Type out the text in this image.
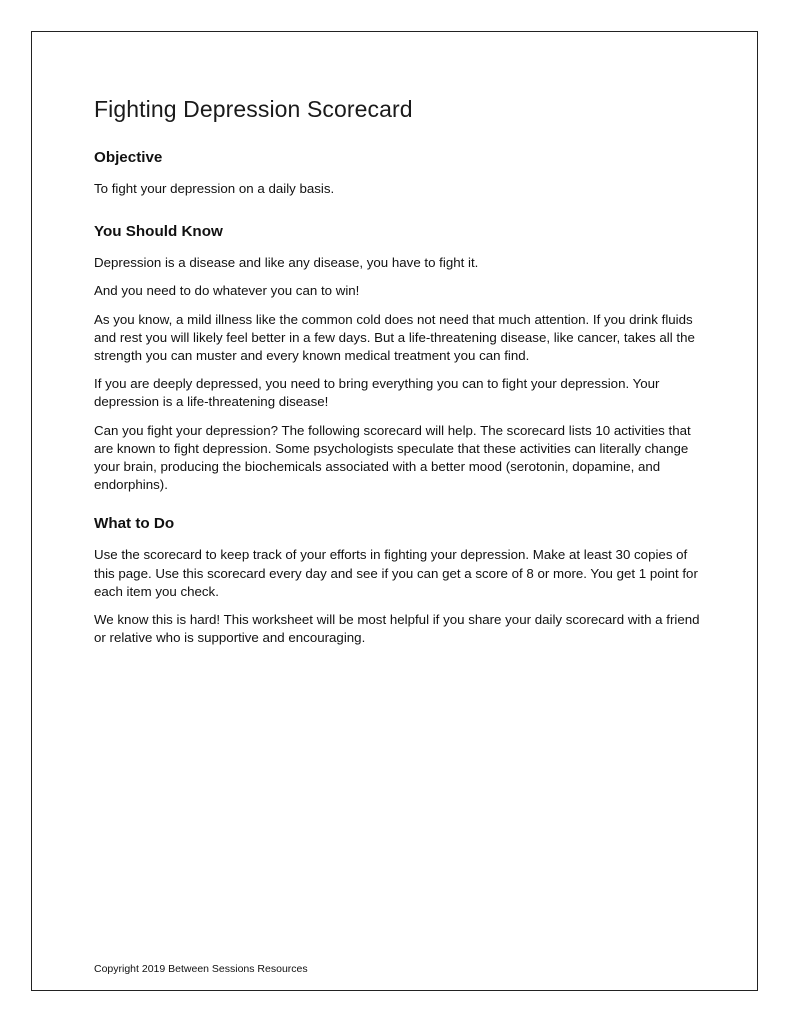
Fighting Depression Scorecard
Objective

To fight your depression on a daily basis.

You Should Know

Depression is a disease and like any disease, you have to fight it.

And you need to do whatever you can to win!

As you know, a mild illness like the common cold does not need that much attention. If you drink fluids and rest you will likely feel better in a few days. But a life-threatening disease, like cancer, takes all the strength you can muster and every known medical treatment you can find.

If you are deeply depressed, you need to bring everything you can to fight your depression. Your depression is a life-threatening disease!

Can you fight your depression? The following scorecard will help. The scorecard lists 10 activities that are known to fight depression. Some psychologists speculate that these activities can literally change your brain, producing the biochemicals associated with a better mood (serotonin, dopamine, and endorphins).

What to Do

Use the scorecard to keep track of your efforts in fighting your depression. Make at least 30 copies of this page. Use this scorecard every day and see if you can get a score of 8 or more. You get 1 point for each item you check.

We know this is hard! This worksheet will be most helpful if you share your daily scorecard with a friend or relative who is supportive and encouraging.

Copyright 2019 Between Sessions Resources
